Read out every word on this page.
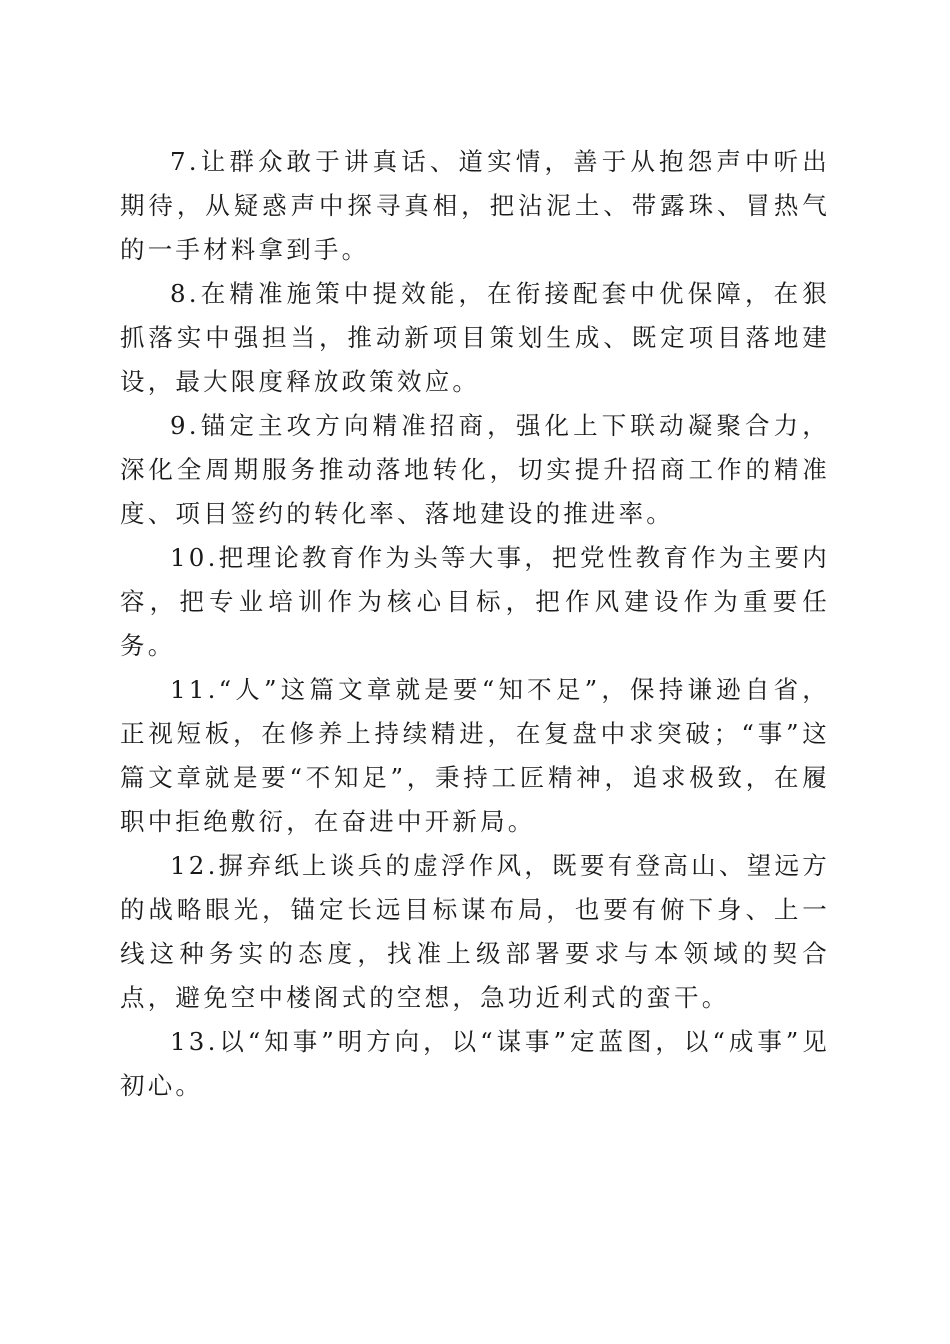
7.让群众敢于讲真话、道实情，善于从抱怨声中听出期待，从疑惑声中探寻真相，把沾泥土、带露珠、冒热气的一手材料拿到手。

8.在精准施策中提效能，在衔接配套中优保障，在狠抓落实中强担当，推动新项目策划生成、既定项目落地建设，最大限度释放政策效应。

9.锚定主攻方向精准招商，强化上下联动凝聚合力，深化全周期服务推动落地转化，切实提升招商工作的精准度、项目签约的转化率、落地建设的推进率。

10.把理论教育作为头等大事，把党性教育作为主要内容，把专业培训作为核心目标，把作风建设作为重要任务。

11.“人”这篇文章就是要“知不足”，保持谦逊自省，正视短板，在修养上持续精进，在复盘中求突破；“事”这篇文章就是要“不知足”，秉持工匠精神，追求极致，在履职中拒绝敷衍，在奋进中开新局。

12.摒弃纸上谈兵的虚浮作风，既要有登高山、望远方的战略眼光，锚定长远目标谋布局，也要有俯下身、上一线这种务实的态度，找准上级部署要求与本领域的契合点，避免空中楼阁式的空想，急功近利式的蛮干。

13.以“知事”明方向，以“谋事”定蓝图，以“成事”见初心。
